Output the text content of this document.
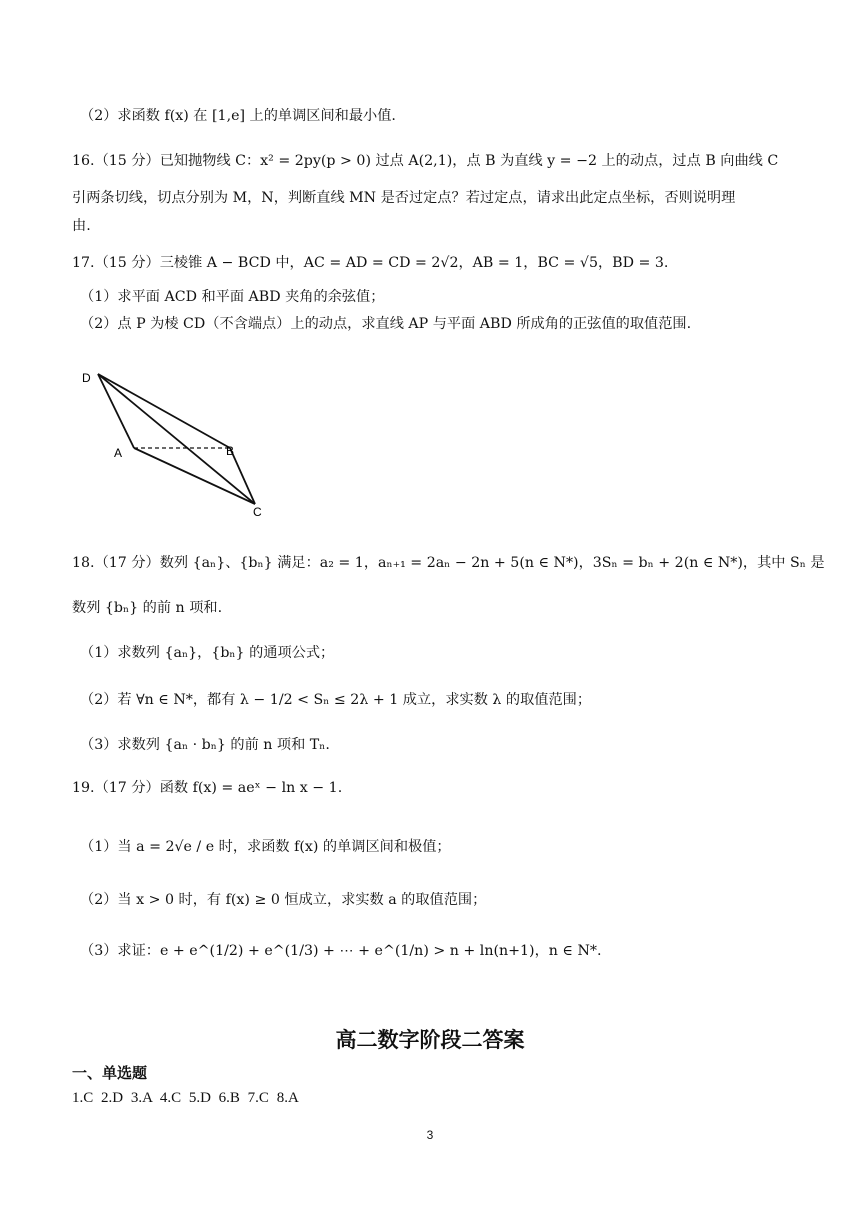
（2）求函数 f(x) 在 [1,e] 上的单调区间和最小值.
16.（15 分）已知抛物线 C：x² = 2py(p > 0) 过点 A(2,1)，点 B 为直线 y = −2 上的动点，过点 B 向曲线 C
引两条切线，切点分别为 M，N，判断直线 MN 是否过定点？若过定点，请求出此定点坐标，否则说明理
由.
17.（15 分）三棱锥 A − BCD 中，AC = AD = CD = 2√2，AB = 1，BC = √5，BD = 3.
（1）求平面 ACD 和平面 ABD 夹角的余弦值；
（2）点 P 为棱 CD（不含端点）上的动点，求直线 AP 与平面 ABD 所成角的正弦值的取值范围.
D
A	B
C
18.（17 分）数列 {aₙ}、{bₙ} 满足：a₂ = 1，aₙ₊₁ = 2aₙ − 2n + 5(n ∈ N*)，3Sₙ = bₙ + 2(n ∈ N*)，其中 Sₙ 是
数列 {bₙ} 的前 n 项和.
（1）求数列 {aₙ}，{bₙ} 的通项公式；
（2）若 ∀n ∈ N*，都有 λ − 1/2 < Sₙ ≤ 2λ + 1 成立，求实数 λ 的取值范围；
（3）求数列 {aₙ · bₙ} 的前 n 项和 Tₙ.
19.（17 分）函数 f(x) = aeˣ − ln x − 1.
（1）当 a = 2√e / e 时，求函数 f(x) 的单调区间和极值；
（2）当 x > 0 时，有 f(x) ≥ 0 恒成立，求实数 a 的取值范围；
（3）求证：e + e^(1/2) + e^(1/3) + ⋯ + e^(1/n) > n + ln(n+1)，n ∈ N*.
高二数字阶段二答案
一、单选题
1.C 2.D 3.A 4.C 5.D 6.B 7.C 8.A
3
